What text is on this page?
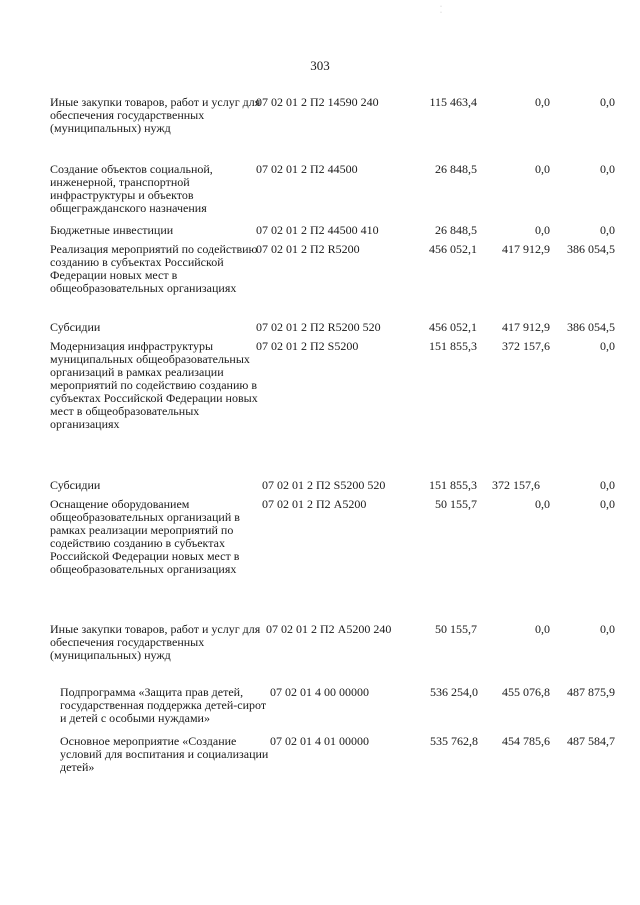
·
·
303
Иные закупки товаров, работ и услуг для обеспечения государственных (муниципальных) нужд
07 02 01 2 П2 14590 240	115 463,4	0,0	0,0
Создание объектов социальной, инженерной, транспортной инфраструктуры и объектов общегражданского назначения
07 02 01 2 П2 44500	26 848,5	0,0	0,0
Бюджетные инвестиции	07 02 01 2 П2 44500 410	26 848,5	0,0	0,0
Реализация мероприятий по содействию созданию в субъектах Российской Федерации новых мест в общеобразовательных организациях
07 02 01 2 П2 R5200	456 052,1	417 912,9	386 054,5
Субсидии	07 02 01 2 П2 R5200 520	456 052,1	417 912,9	386 054,5
Модернизация инфраструктуры муниципальных общеобразовательных организаций в рамках реализации мероприятий по содействию созданию в субъектах Российской Федерации новых мест в общеобразовательных организациях
07 02 01 2 П2 S5200	151 855,3	372 157,6	0,0
Субсидии	07 02 01 2 П2 S5200 520	151 855,3	372 157,6	0,0
Оснащение оборудованием общеобразовательных организаций в рамках реализации мероприятий по содействию созданию в субъектах Российской Федерации новых мест в общеобразовательных организациях
07 02 01 2 П2 А5200	50 155,7	0,0	0,0
Иные закупки товаров, работ и услуг для обеспечения государственных (муниципальных) нужд
07 02 01 2 П2 А5200 240	50 155,7	0,0	0,0
Подпрограмма «Защита прав детей, государственная поддержка детей-сирот и детей с особыми нуждами»
07 02 01 4 00 00000	536 254,0	455 076,8	487 875,9
Основное мероприятие «Создание условий для воспитания и социализации детей»
07 02 01 4 01 00000	535 762,8	454 785,6	487 584,7
